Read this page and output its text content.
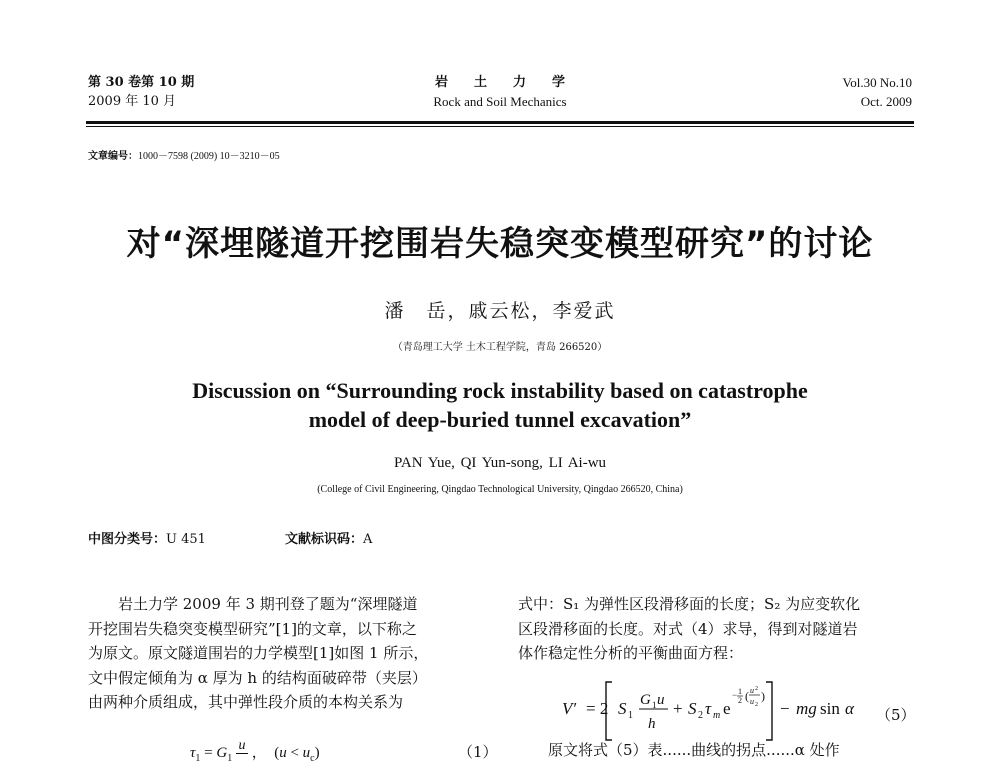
第 30 卷第 10 期
2009 年 10 月
岩　　土　　力　　学
Rock and Soil Mechanics
Vol.30 No.10
Oct. 2009
文章编号：1000－7598 (2009) 10－3210－05
对“深埋隧道开挖围岩失稳突变模型研究”的讨论
潘　岳，戚云松，李爱武
（青岛理工大学 土木工程学院，青岛 266520）
Discussion on “Surrounding rock instability based on catastrophe
model of deep-buried tunnel excavation”
PAN Yue, QI Yun-song, LI Ai-wu
(College of Civil Engineering, Qingdao Technological University, Qingdao 266520, China)
中图分类号：U 451	文献标识码：A
　　岩土力学 2009 年 3 期刊登了题为“深埋隧道
开挖围岩失稳突变模型研究”[1]的文章，以下称之
为原文。原文隧道围岩的力学模型[1]如图 1 所示，
文中假定倾角为 α 厚为 h 的结构面破碎带（夹层）
由两种介质组成，其中弹性段介质的本构关系为
$\tau_1 = G_1$ u
，　$(u < u_c)$	（1）
式中：S₁ 为弹性区段滑移面的长度；S₂ 为应变软化
区段滑移面的长度。对式（4）求导，得到对隧道岩
体作稳定性分析的平衡曲面方程：
V′ = 2 S 1
G 1 u
h
+ S 2 τ m e
− 1
2 ( u 2
u 2
)
− mg sin α （5）
　　原文将式（5）表......曲线的拐点......α 处作
